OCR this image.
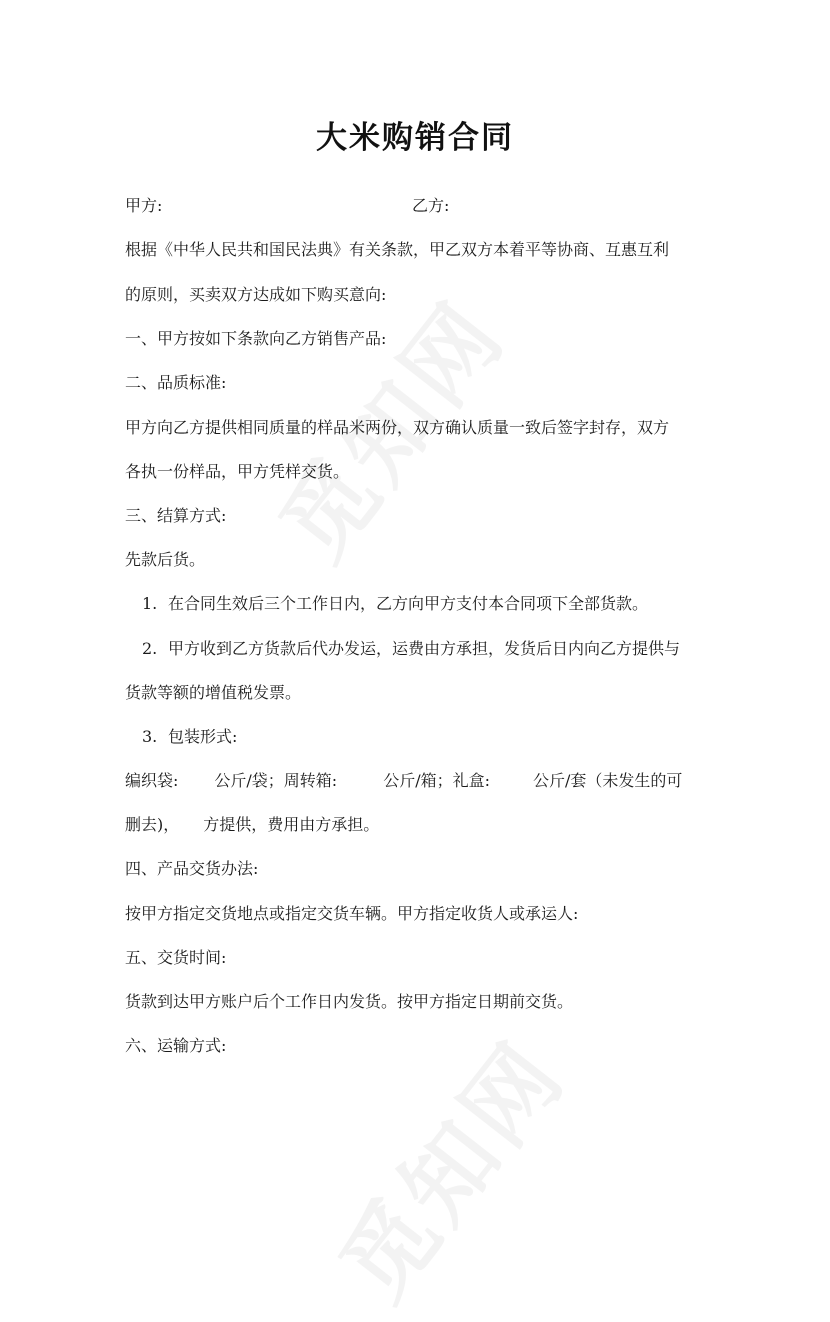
大米购销合同
甲方:	乙方:
根据《中华人民共和国民法典》有关条款，甲乙双方本着平等协商、互惠互利
的原则，买卖双方达成如下购买意向:
一、甲方按如下条款向乙方销售产品:
二、品质标准:
甲方向乙方提供相同质量的样品米两份，双方确认质量一致后签字封存，双方
各执一份样品，甲方凭样交货。
三、结算方式:
先款后货。
1. 在合同生效后三个工作日内，乙方向甲方支付本合同项下全部货款。
2. 甲方收到乙方货款后代办发运，运费由方承担，发货后日内向乙方提供与
货款等额的增值税发票。
3. 包装形式:
编织袋: 公斤/袋；周转箱:	公斤/箱；礼盒:	公斤/套（未发生的可
删去)， 方提供，费用由方承担。
四、产品交货办法:
按甲方指定交货地点或指定交货车辆。甲方指定收货人或承运人:
五、交货时间:
货款到达甲方账户后个工作日内发货。按甲方指定日期前交货。
六、运输方式:
